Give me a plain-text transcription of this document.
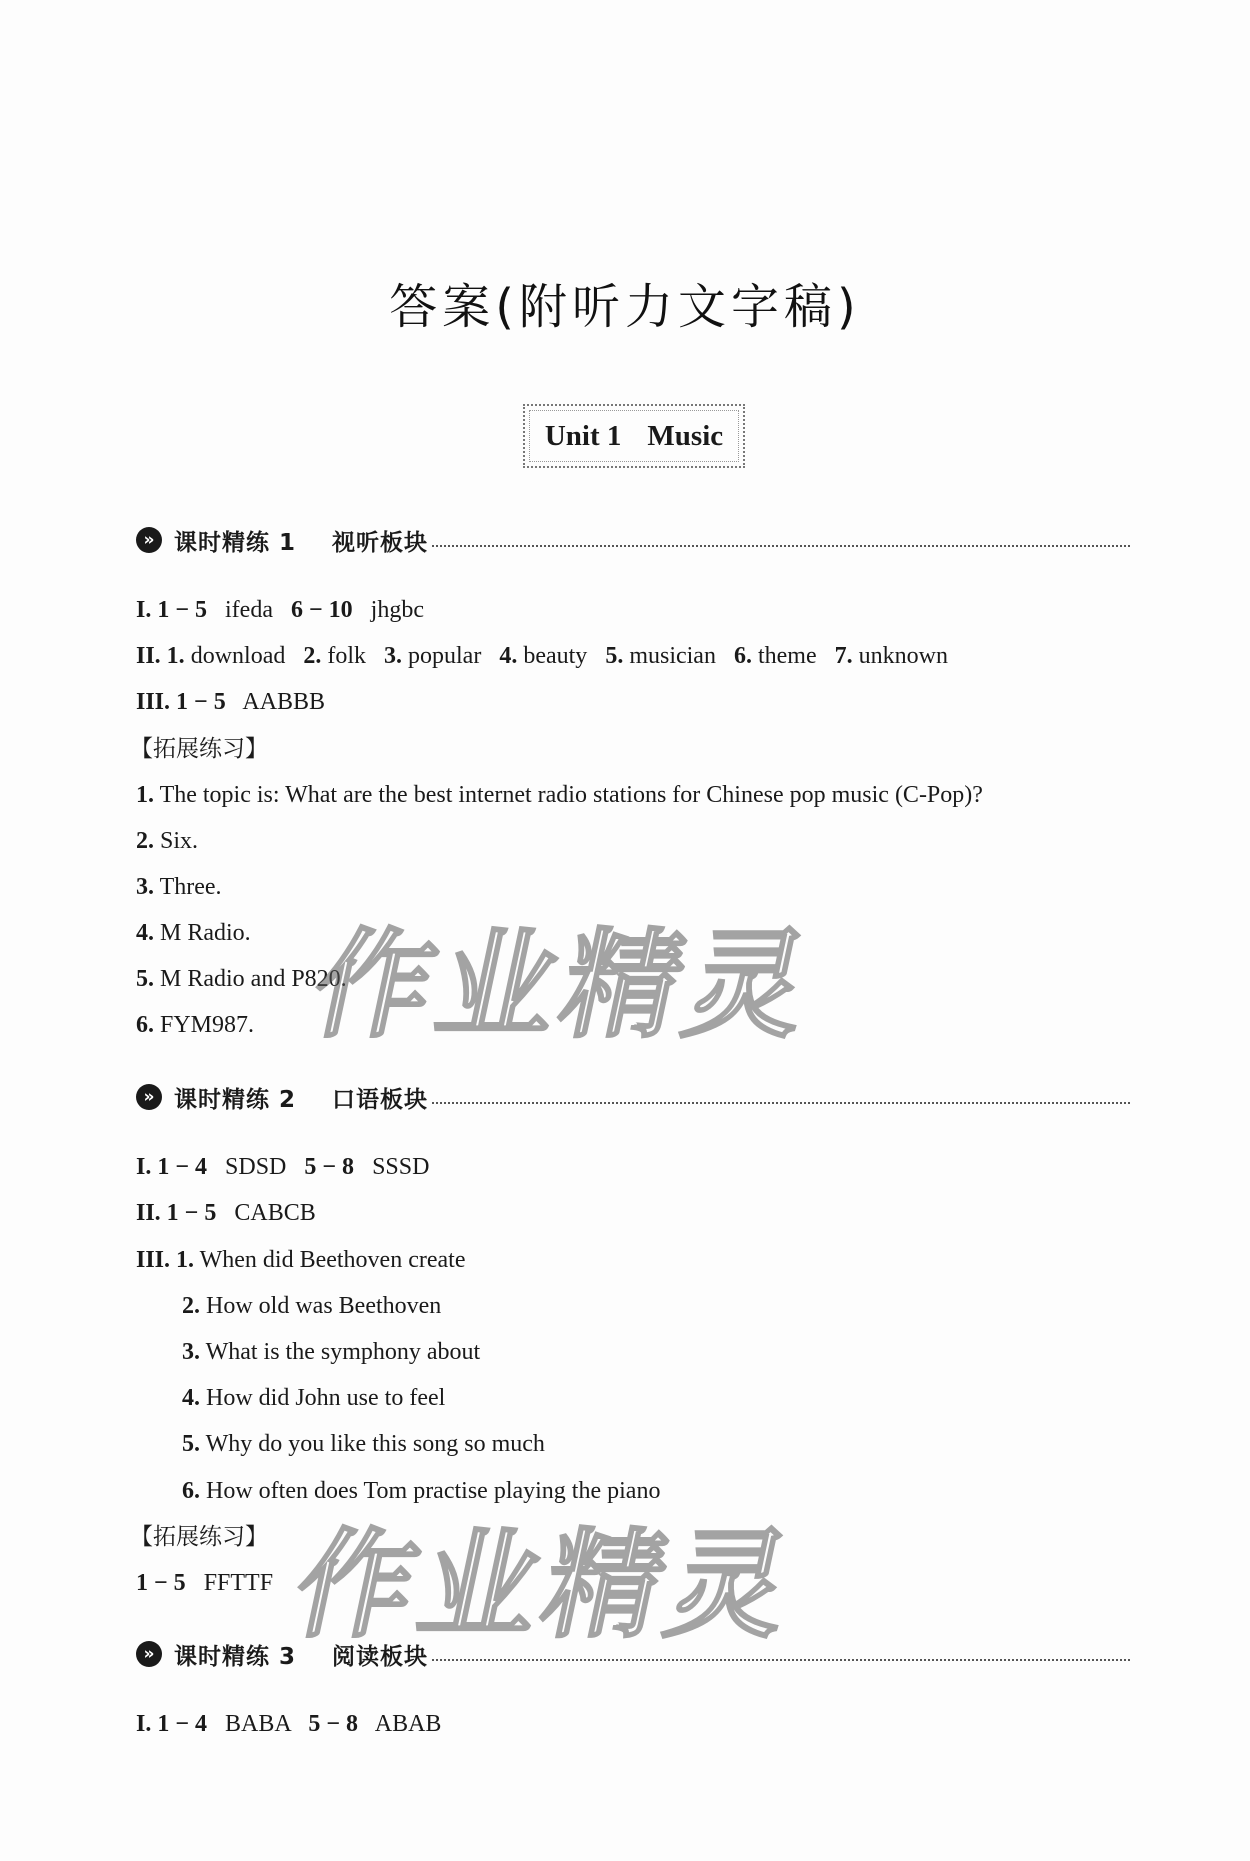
答案(附听力文字稿)
Unit 1 Music
» 课时精练 1    视听板块
I. 1 − 5   ifeda   6 − 10   jhgbc
II. 1. download   2. folk   3. popular   4. beauty   5. musician   6. theme   7. unknown
III. 1 − 5   AABBB
【拓展练习】
1. The topic is: What are the best internet radio stations for Chinese pop music (C-Pop)?
2. Six.
3. Three.
4. M Radio.
5. M Radio and P820.
6. FYM987.
» 课时精练 2    口语板块
I. 1 − 4   SDSD   5 − 8   SSSD
II. 1 − 5   CABCB
III. 1. When did Beethoven create
2. How old was Beethoven
3. What is the symphony about
4. How did John use to feel
5. Why do you like this song so much
6. How often does Tom practise playing the piano
【拓展练习】
1 − 5   FFTTF
» 课时精练 3    阅读板块
I. 1 − 4   BABA   5 − 8   ABAB
作业精灵
作业精灵
